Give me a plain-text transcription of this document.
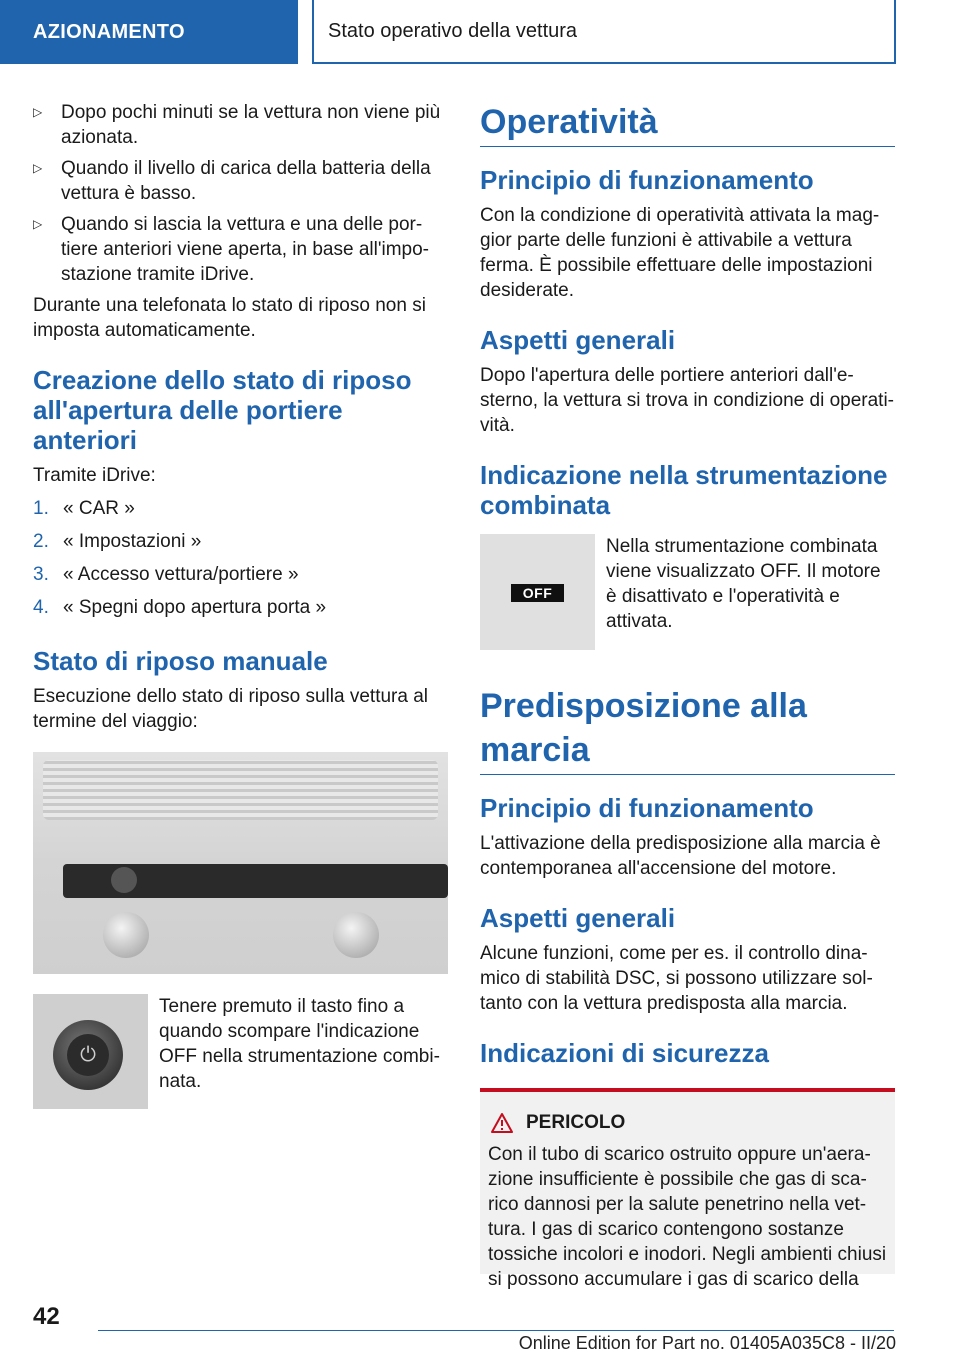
AZIONAMENTO	Stato operativo della vettura
▷ Dopo pochi minuti se la vettura non viene più azionata.

▷ Quando il livello di carica della batteria della vettura è basso.

▷ Quando si lascia la vettura e una delle portiere anteriori viene aperta, in base all'impostazione tramite iDrive.

Durante una telefonata lo stato di riposo non si imposta automaticamente.

Creazione dello stato di riposo all'apertura delle portiere anteriori

Tramite iDrive:

1. « CAR »
2. « Impostazioni »
3. « Accesso vettura/portiere »
4. « Spegni dopo apertura porta »
Stato di riposo manuale

Esecuzione dello stato di riposo sulla vettura al termine del viaggio:

⏻

Tenere premuto il tasto fino a quando scompare l'indicazione OFF nella strumentazione combinata.

Operatività
Principio di funzionamento

Con la condizione di operatività attivata la maggior parte delle funzioni è attivabile a vettura ferma. È possibile effettuare delle impostazioni desiderate.

Aspetti generali

Dopo l'apertura delle portiere anteriori dall'esterno, la vettura si trova in condizione di operatività.

Indicazione nella strumentazione combinata
OFF

Nella strumentazione combinata viene visualizzato OFF. Il motore è disattivato e l'operatività e attivata.

Predisposizione alla marcia
Principio di funzionamento

L'attivazione della predisposizione alla marcia è contemporanea all'accensione del motore.

Aspetti generali

Alcune funzioni, come per es. il controllo dinamico di stabilità DSC, si possono utilizzare soltanto con la vettura predisposta alla marcia.

Indicazioni di sicurezza
PERICOLO

Con il tubo di scarico ostruito oppure un'aerazione insufficiente è possibile che gas di scarico dannosi per la salute penetrino nella vettura. I gas di scarico contengono sostanze tossiche incolori e inodori. Negli ambienti chiusi si possono accumulare i gas di scarico della

42
Online Edition for Part no. 01405A035C8 - II/20
